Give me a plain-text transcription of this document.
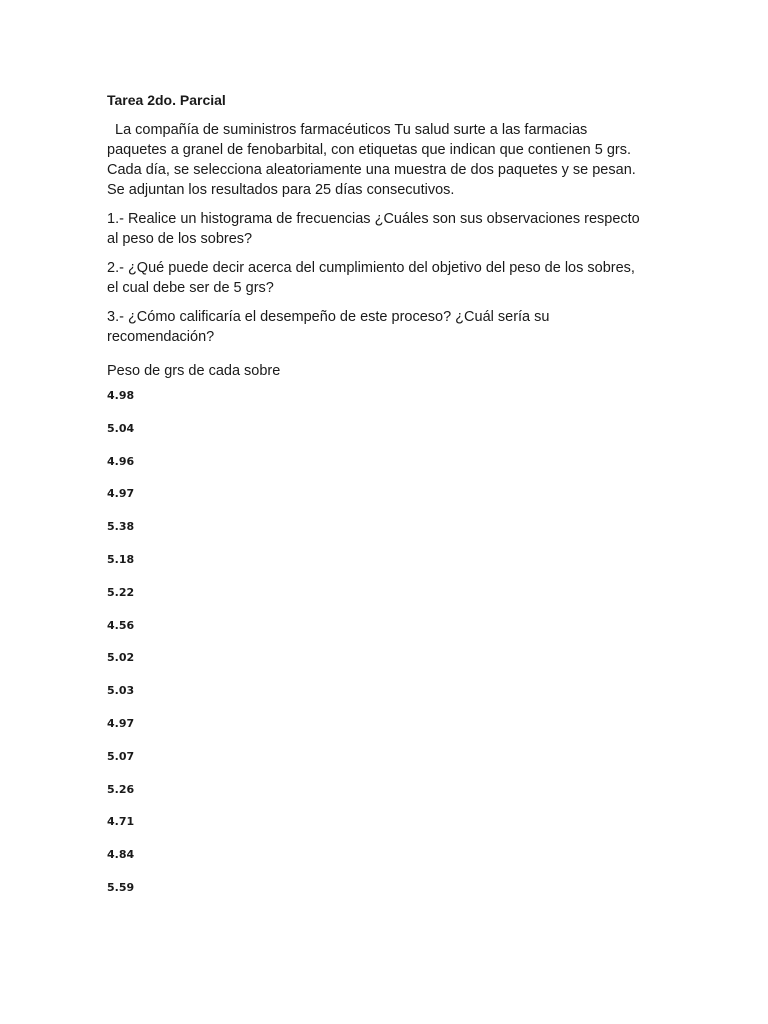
Tarea 2do. Parcial
La compañía de suministros farmacéuticos Tu salud surte a las farmacias
paquetes a granel de fenobarbital, con etiquetas que indican que contienen 5 grs.
Cada día, se selecciona aleatoriamente una muestra de dos paquetes y se pesan.
Se adjuntan los resultados para 25 días consecutivos.
1.- Realice un histograma de frecuencias ¿Cuáles son sus observaciones respecto
al peso de los sobres?
2.- ¿Qué puede decir acerca del cumplimiento del objetivo del peso de los sobres,
el cual debe ser de 5 grs?
3.- ¿Cómo calificaría el desempeño de este proceso? ¿Cuál sería su
recomendación?
Peso de grs de cada sobre
4.98
5.04
4.96
4.97
5.38
5.18
5.22
4.56
5.02
5.03
4.97
5.07
5.26
4.71
4.84
5.59
